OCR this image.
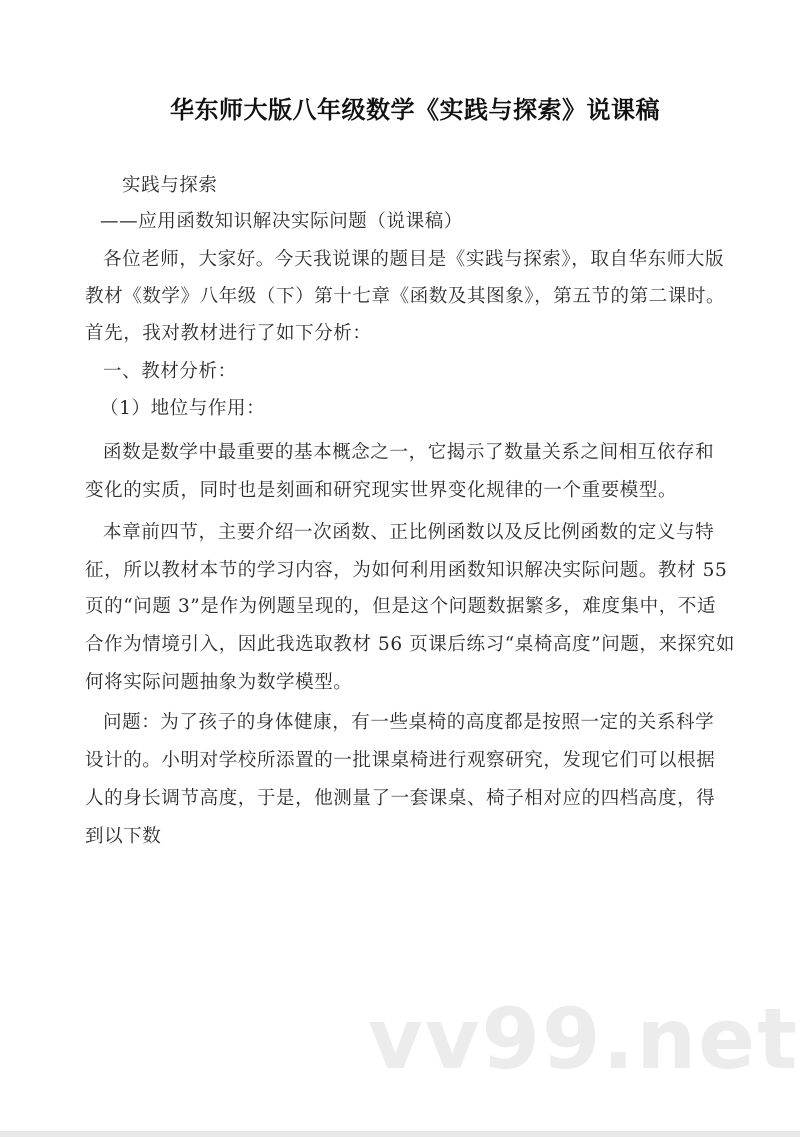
华东师大版八年级数学《实践与探索》说课稿
实践与探索
——应用函数知识解决实际问题（说课稿）
各位老师，大家好。今天我说课的题目是《实践与探索》，取自华东师大版
教材《数学》八年级（下）第十七章《函数及其图象》，第五节的第二课时。
首先，我对教材进行了如下分析：
一、教材分析：
（1）地位与作用：
函数是数学中最重要的基本概念之一，它揭示了数量关系之间相互依存和
变化的实质，同时也是刻画和研究现实世界变化规律的一个重要模型。
本章前四节，主要介绍一次函数、正比例函数以及反比例函数的定义与特
征，所以教材本节的学习内容，为如何利用函数知识解决实际问题。教材 55
页的“问题 3”是作为例题呈现的，但是这个问题数据繁多，难度集中，不适
合作为情境引入，因此我选取教材 56 页课后练习“桌椅高度”问题，来探究如
何将实际问题抽象为数学模型。
问题：为了孩子的身体健康，有一些桌椅的高度都是按照一定的关系科学
设计的。小明对学校所添置的一批课桌椅进行观察研究，发现它们可以根据
人的身长调节高度，于是，他测量了一套课桌、椅子相对应的四档高度，得
到以下数
vv99.net
